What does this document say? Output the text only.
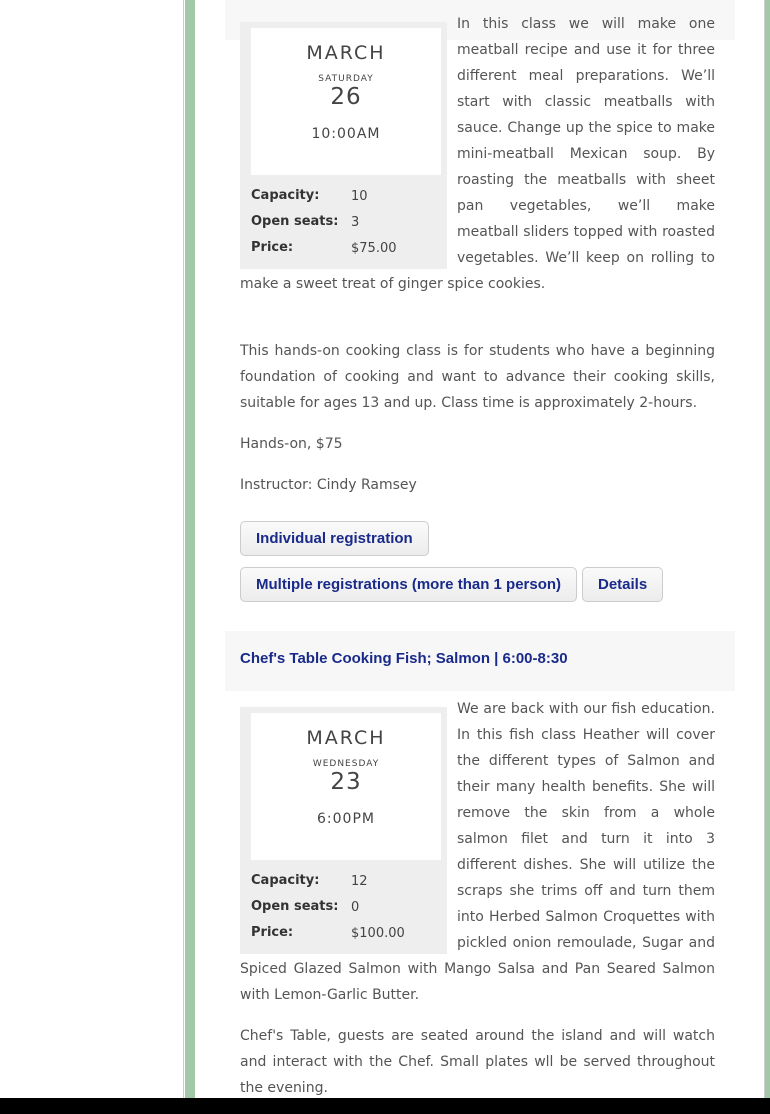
MARCH
SATURDAY
26
10:00AM
Capacity: 10
Open seats: 3
Price:	$75.00
In this class we will make one meatball recipe and use it for three different meal preparations. We’ll start with classic meatballs with sauce. Change up the spice to make mini-meatball Mexican soup. By roasting the meatballs with sheet pan vegetables, we’ll make meatball sliders topped with roasted vegetables. We’ll keep on rolling to make a sweet treat of ginger spice cookies.
This hands-on cooking class is for students who have a beginning foundation of cooking and want to advance their cooking skills, suitable for ages 13 and up. Class time is approximately 2-hours.
Hands-on, $75
Instructor: Cindy Ramsey
Individual registration
Multiple registrations (more than 1 person)	Details
Chef's Table Cooking Fish; Salmon | 6:00-8:30
MARCH
WEDNESDAY
23
6:00PM
Capacity: 12
Open seats: 0
Price:	$100.00
We are back with our fish education. In this fish class Heather will cover the different types of Salmon and their many health benefits. She will remove the skin from a whole salmon filet and turn it into 3 different dishes. She will utilize the scraps she trims off and turn them into Herbed Salmon Croquettes with pickled onion remoulade, Sugar and Spiced Glazed Salmon with Mango Salsa and Pan Seared Salmon with Lemon-Garlic Butter.
Chef's Table, guests are seated around the island and will watch and interact with the Chef. Small plates wll be served throughout the evening.
